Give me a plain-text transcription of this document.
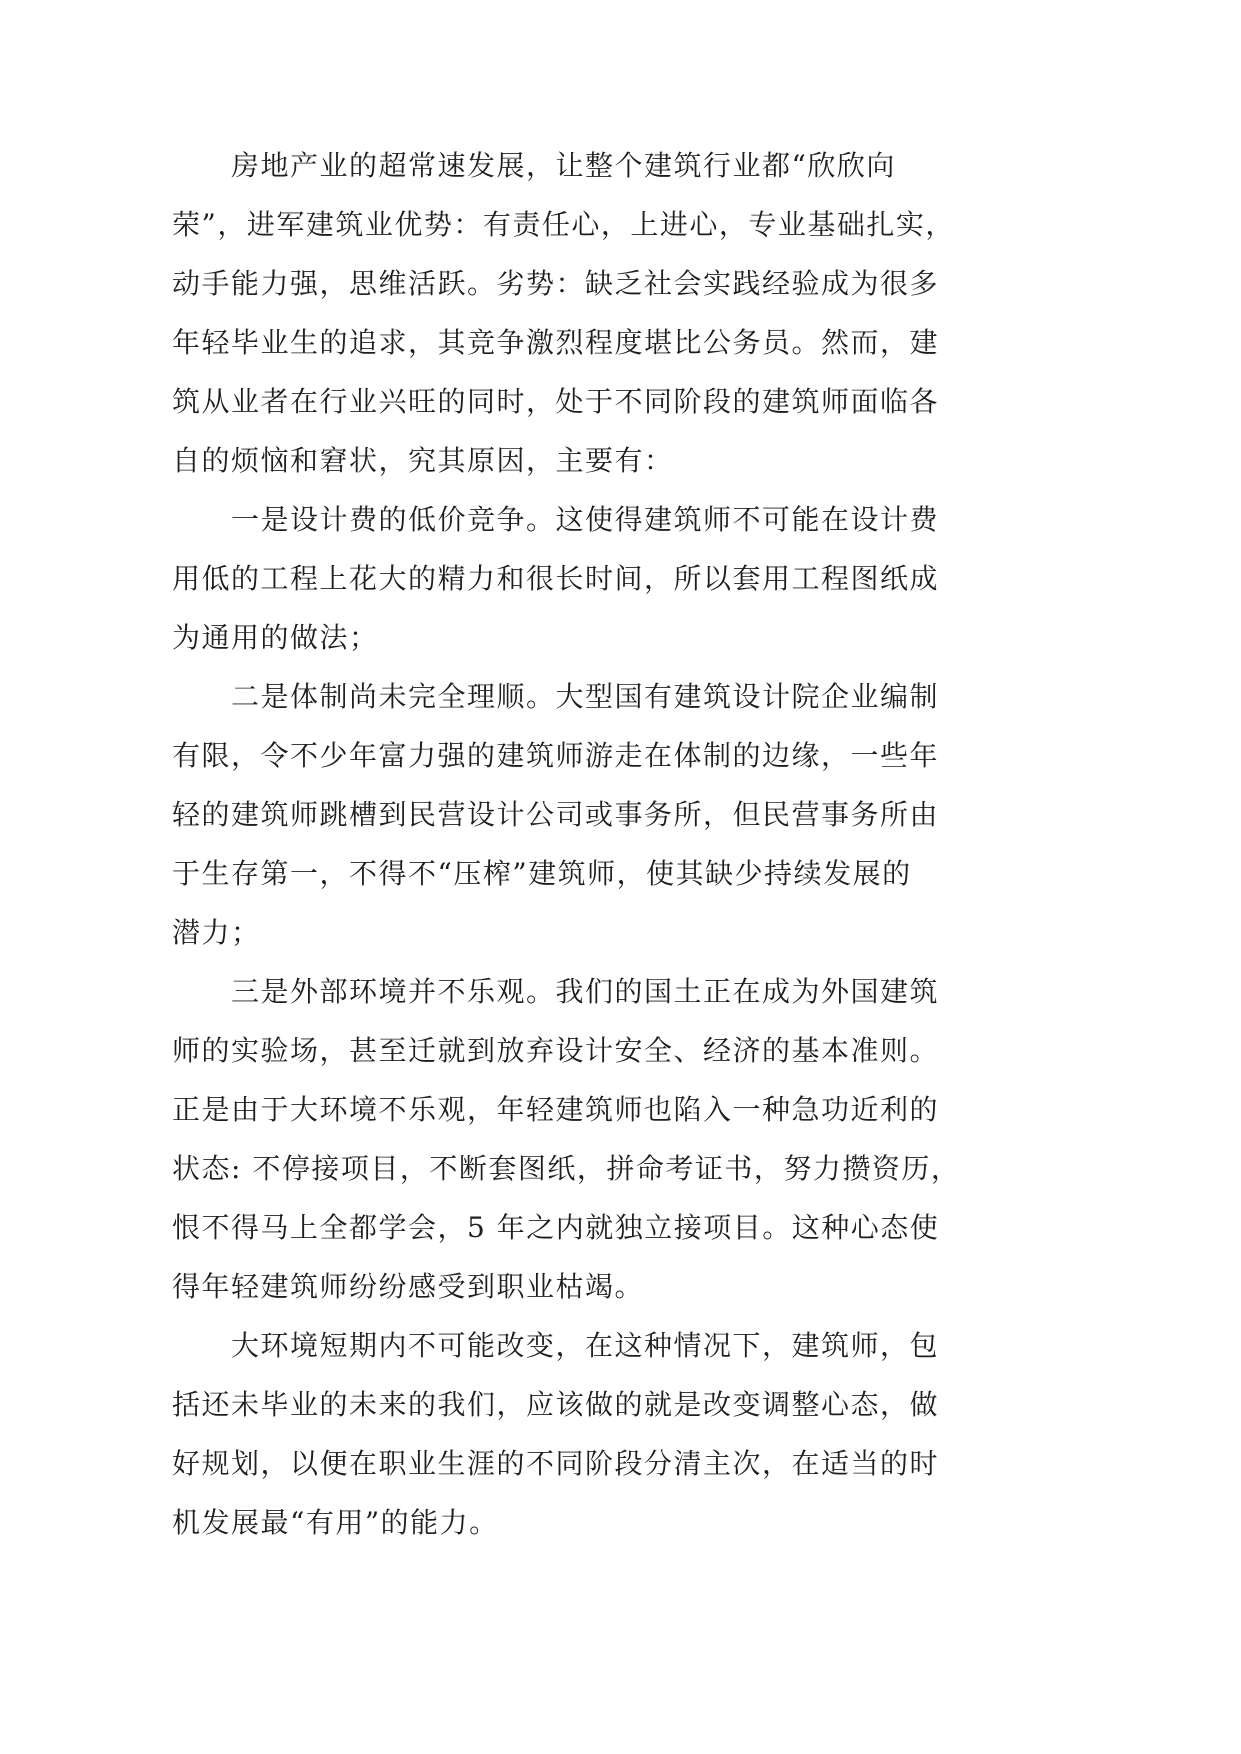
房地产业的超常速发展，让整个建筑行业都“欣欣向
荣”，进军建筑业优势：有责任心，上进心，专业基础扎实，
动手能力强，思维活跃。劣势：缺乏社会实践经验成为很多
年轻毕业生的追求，其竞争激烈程度堪比公务员。然而，建
筑从业者在行业兴旺的同时，处于不同阶段的建筑师面临各
自的烦恼和窘状，究其原因，主要有：
一是设计费的低价竞争。这使得建筑师不可能在设计费
用低的工程上花大的精力和很长时间，所以套用工程图纸成
为通用的做法；
二是体制尚未完全理顺。大型国有建筑设计院企业编制
有限，令不少年富力强的建筑师游走在体制的边缘，一些年
轻的建筑师跳槽到民营设计公司或事务所，但民营事务所由
于生存第一，不得不“压榨”建筑师，使其缺少持续发展的
潜力；
三是外部环境并不乐观。我们的国土正在成为外国建筑
师的实验场，甚至迁就到放弃设计安全、经济的基本准则。
正是由于大环境不乐观，年轻建筑师也陷入一种急功近利的
状态: 不停接项目，不断套图纸，拼命考证书，努力攒资历，
恨不得马上全都学会，5 年之内就独立接项目。这种心态使
得年轻建筑师纷纷感受到职业枯竭。
大环境短期内不可能改变，在这种情况下，建筑师，包
括还未毕业的未来的我们，应该做的就是改变调整心态，做
好规划，以便在职业生涯的不同阶段分清主次，在适当的时
机发展最“有用”的能力。
